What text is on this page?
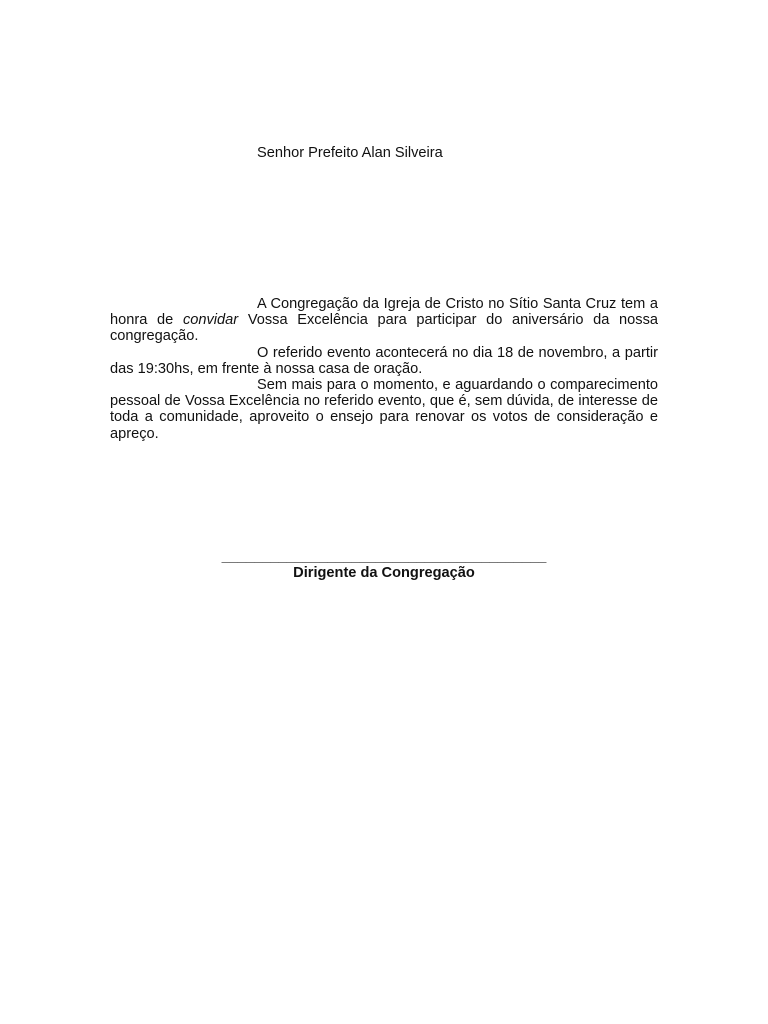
Senhor Prefeito Alan Silveira

A Congregação da Igreja de Cristo no Sítio Santa Cruz tem a honra de convidar Vossa Excelência para participar do aniversário da nossa congregação.

O referido evento acontecerá no dia 18 de novembro, a partir das 19:30hs, em frente à nossa casa de oração.

Sem mais para o momento, e aguardando o comparecimento pessoal de Vossa Excelência no referido evento, que é, sem dúvida, de interesse de toda a comunidade, aproveito o ensejo para renovar os votos de consideração e apreço.

________________________________________
Dirigente da Congregação
